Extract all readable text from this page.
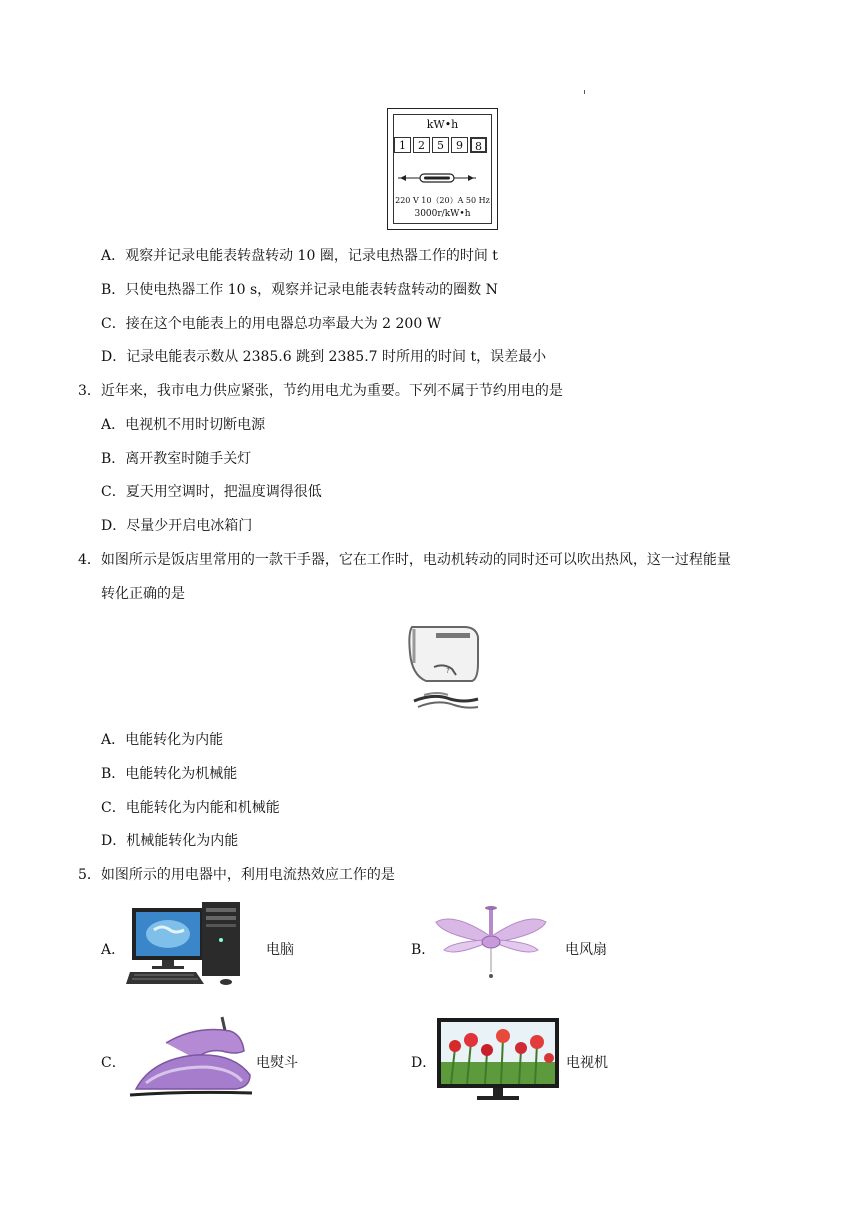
kW•h
1	2	5	9	8
220 V 10（20）A 50 Hz
3000r/kW•h
A．观察并记录电能表转盘转动 10 圈，记录电热器工作的时间 t
B．只使电热器工作 10 s，观察并记录电能表转盘转动的圈数 N
C．接在这个电能表上的用电器总功率最大为 2 200 W
D．记录电能表示数从 2385.6 跳到 2385.7 时所用的时间 t，误差最小
3．近年来，我市电力供应紧张，节约用电尤为重要。下列不属于节约用电的是
A．电视机不用时切断电源
B．离开教室时随手关灯
C．夏天用空调时，把温度调得很低
D．尽量少开启电冰箱门
4．如图所示是饭店里常用的一款干手器，它在工作时，电动机转动的同时还可以吹出热风，这一过程能量
转化正确的是
?
A．电能转化为内能
B．电能转化为机械能
C．电能转化为内能和机械能
D．机械能转化为内能
5．如图所示的用电器中，利用电流热效应工作的是
A．	电脑	B．	电风扇
C．	电熨斗	D．	电视机
